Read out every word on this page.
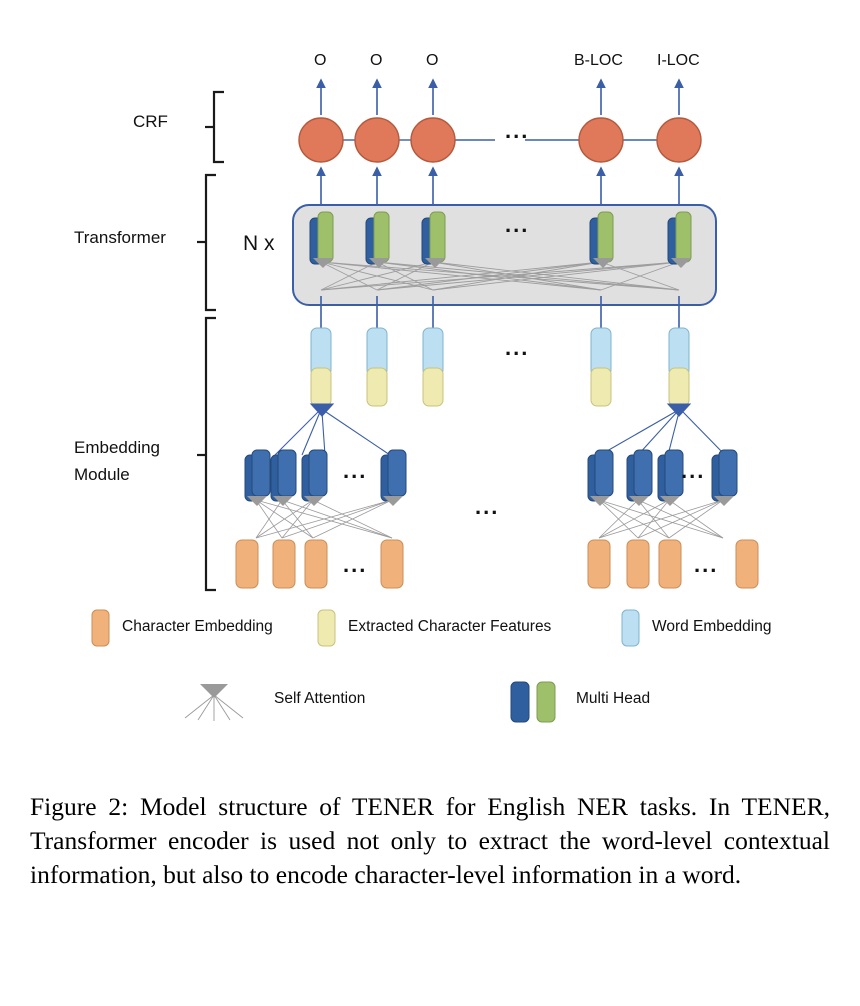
CRF
Transformer
Embedding
Module
O	O	O	B-LOC I-LOC
N x
...
...
...
...	...
...
...	...
Character Embedding	Extracted Character Features	Word Embedding
Self Attention	Multi Head
Figure 2: Model structure of TENER for English NER tasks. In TENER, Transformer encoder is used not only to extract the word-level contextual information, but also to encode character-level information in a word.
